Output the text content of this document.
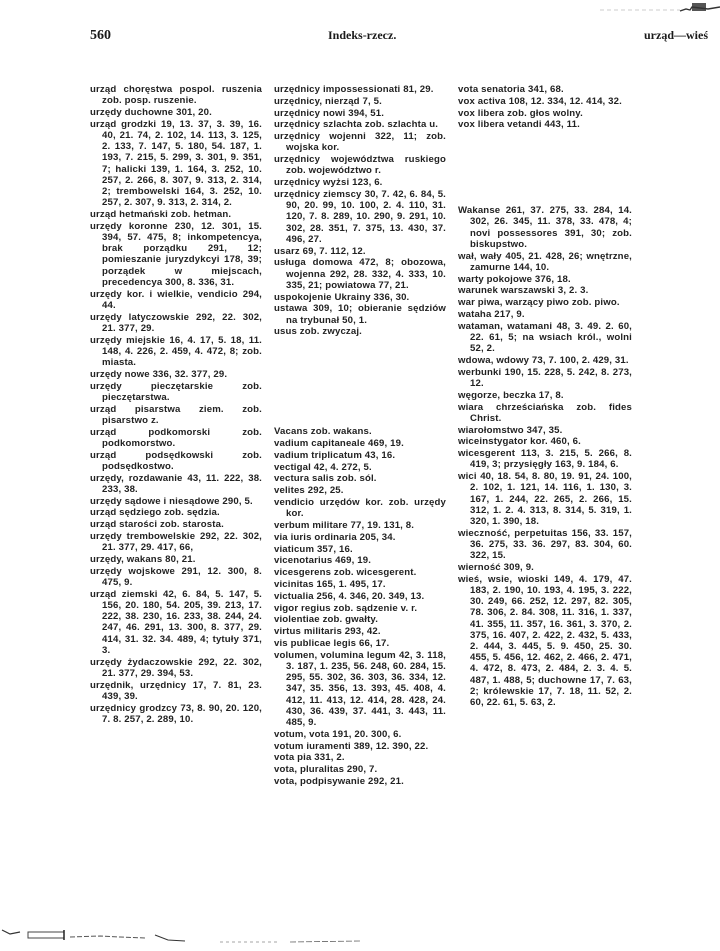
560	Indeks-rzecz.	urząd—wieś

urząd choręstwa pospol. ruszenia zob. posp. ruszenie.

urzędy duchowne 301, 20.

urząd grodzki 19, 13. 37, 3. 39, 16. 40, 21. 74, 2. 102, 14. 113, 3. 125, 2. 133, 7. 147, 5. 180, 54. 187, 1. 193, 7. 215, 5. 299, 3. 301, 9. 351, 7; halicki 139, 1. 164, 3. 252, 10. 257, 2. 266, 8. 307, 9. 313, 2. 314, 2; trembowelski 164, 3. 252, 10. 257, 2. 307, 9. 313, 2. 314, 2.

urząd hetmański zob. hetman.

urzędy koronne 230, 12. 301, 15. 394, 57. 475, 8; inkompetencya, brak porządku 291, 12; pomieszanie juryzdykcyi 178, 39; porządek w miejscach, precedencya 300, 8. 336, 31.

urzędy kor. i wielkie, vendicio 294, 44.

urzędy latyczowskie 292, 22. 302, 21. 377, 29.

urzędy miejskie 16, 4. 17, 5. 18, 11. 148, 4. 226, 2. 459, 4. 472, 8; zob. miasta.

urzędy nowe 336, 32. 377, 29.

urzędy pieczętarskie zob. pieczętarstwa.

urząd pisarstwa ziem. zob. pisarstwo z.

urząd podkomorski zob. podkomorstwo.

urząd podsędkowski zob. podsędkostwo.

urzędy, rozdawanie 43, 11. 222, 38. 233, 38.

urzędy sądowe i niesądowe 290, 5.

urząd sędziego zob. sędzia.

urząd starości zob. starosta.

urzędy trembowelskie 292, 22. 302, 21. 377, 29. 417, 66,

urzędy, wakans 80, 21.

urzędy wojskowe 291, 12. 300, 8. 475, 9.

urząd ziemski 42, 6. 84, 5. 147, 5. 156, 20. 180, 54. 205, 39. 213, 17. 222, 38. 230, 16. 233, 38. 244, 24. 247, 46. 291, 13. 300, 8. 377, 29. 414, 31. 32. 34. 489, 4; tytuły 371, 3.

urzędy żydaczowskie 292, 22. 302, 21. 377, 29. 394, 53.

urzędnik, urzędnicy 17, 7. 81, 23. 439, 39.

urzędnicy grodzcy 73, 8. 90, 20. 120, 7. 8. 257, 2. 289, 10.

urzędnicy impossessionati 81, 29.

urzędnicy, nierząd 7, 5.

urzędnicy nowi 394, 51.

urzędnicy szlachta zob. szlachta u.

urzędnicy wojenni 322, 11; zob. wojska kor.

urzędnicy województwa ruskiego zob. województwo r.

urzędnicy wyżsi 123, 6.

urzędnicy ziemscy 30, 7. 42, 6. 84, 5. 90, 20. 99, 10. 100, 2. 4. 110, 31. 120, 7. 8. 289, 10. 290, 9. 291, 10. 302, 28. 351, 7. 375, 13. 430, 37. 496, 27.

usarz 69, 7. 112, 12.

usługa domowa 472, 8; obozowa, wojenna 292, 28. 332, 4. 333, 10. 335, 21; powiatowa 77, 21.

uspokojenie Ukrainy 336, 30.

ustawa 309, 10; obieranie sędziów na trybunał 50, 1.

usus zob. zwyczaj.

Vacans zob. wakans.

vadium capitaneale 469, 19.

vadium triplicatum 43, 16.

vectigal 42, 4. 272, 5.

vectura salis zob. sól.

velites 292, 25.

vendicio urzędów kor. zob. urzędy kor.

verbum militare 77, 19. 131, 8.

via iuris ordinaria 205, 34.

viaticum 357, 16.

vicenotarius 469, 19.

vicesgerens zob. wicesgerent.

vicinitas 165, 1. 495, 17.

victualia 256, 4. 346, 20. 349, 13.

vigor regius zob. sądzenie v. r.

violentiae zob. gwałty.

virtus militaris 293, 42.

vis publicae legis 66, 17.

volumen, volumina legum 42, 3. 118, 3. 187, 1. 235, 56. 248, 60. 284, 15. 295, 55. 302, 36. 303, 36. 334, 12. 347, 35. 356, 13. 393, 45. 408, 4. 412, 11. 413, 12. 414, 28. 428, 24. 430, 36. 439, 37. 441, 3. 443, 11. 485, 9.

votum, vota 191, 20. 300, 6.

votum iuramenti 389, 12. 390, 22.

vota pia 331, 2.

vota, pluralitas 290, 7.

vota, podpisywanie 292, 21.

vota senatoria 341, 68.

vox activa 108, 12. 334, 12. 414, 32.

vox libera zob. głos wolny.

vox libera vetandi 443, 11.

Wakanse 261, 37. 275, 33. 284, 14. 302, 26. 345, 11. 378, 33. 478, 4; novi possessores 391, 30; zob. biskupstwo.

wał, wały 405, 21. 428, 26; wnętrzne, zamurne 144, 10.

warty pokojowe 376, 18.

warunek warszawski 3, 2. 3.

war piwa, warzący piwo zob. piwo.

wataha 217, 9.

wataman, watamani 48, 3. 49. 2. 60, 22. 61, 5; na wsiach król., wolni 52, 2.

wdowa, wdowy 73, 7. 100, 2. 429, 31.

werbunki 190, 15. 228, 5. 242, 8. 273, 12.

węgorze, beczka 17, 8.

wiara chrześciańska zob. fides Christ.

wiarołomstwo 347, 35.

wiceinstygator kor. 460, 6.

wicesgerent 113, 3. 215, 5. 266, 8. 419, 3; przysięgły 163, 9. 184, 6.

wici 40, 18. 54, 8. 80, 19. 91, 24. 100, 2. 102, 1. 121, 14. 116, 1. 130, 3. 167, 1. 244, 22. 265, 2. 266, 15. 312, 1. 2. 4. 313, 8. 314, 5. 319, 1. 320, 1. 390, 18.

wieczność, perpetuitas 156, 33. 157, 36. 275, 33. 36. 297, 83. 304, 60. 322, 15.

wierność 309, 9.

wieś, wsie, wioski 149, 4. 179, 47. 183, 2. 190, 10. 193, 4. 195, 3. 222, 30. 249, 66. 252, 12. 297, 82. 305, 78. 306, 2. 84. 308, 11. 316, 1. 337, 41. 355, 11. 357, 16. 361, 3. 370, 2. 375, 16. 407, 2. 422, 2. 432, 5. 433, 2. 444, 3. 445, 5. 9. 450, 25. 30. 455, 5. 456, 12. 462, 2. 466, 2. 471, 4. 472, 8. 473, 2. 484, 2. 3. 4. 5. 487, 1. 488, 5; duchowne 17, 7. 63, 2; królewskie 17, 7. 18, 11. 52, 2. 60, 22. 61, 5. 63, 2.
